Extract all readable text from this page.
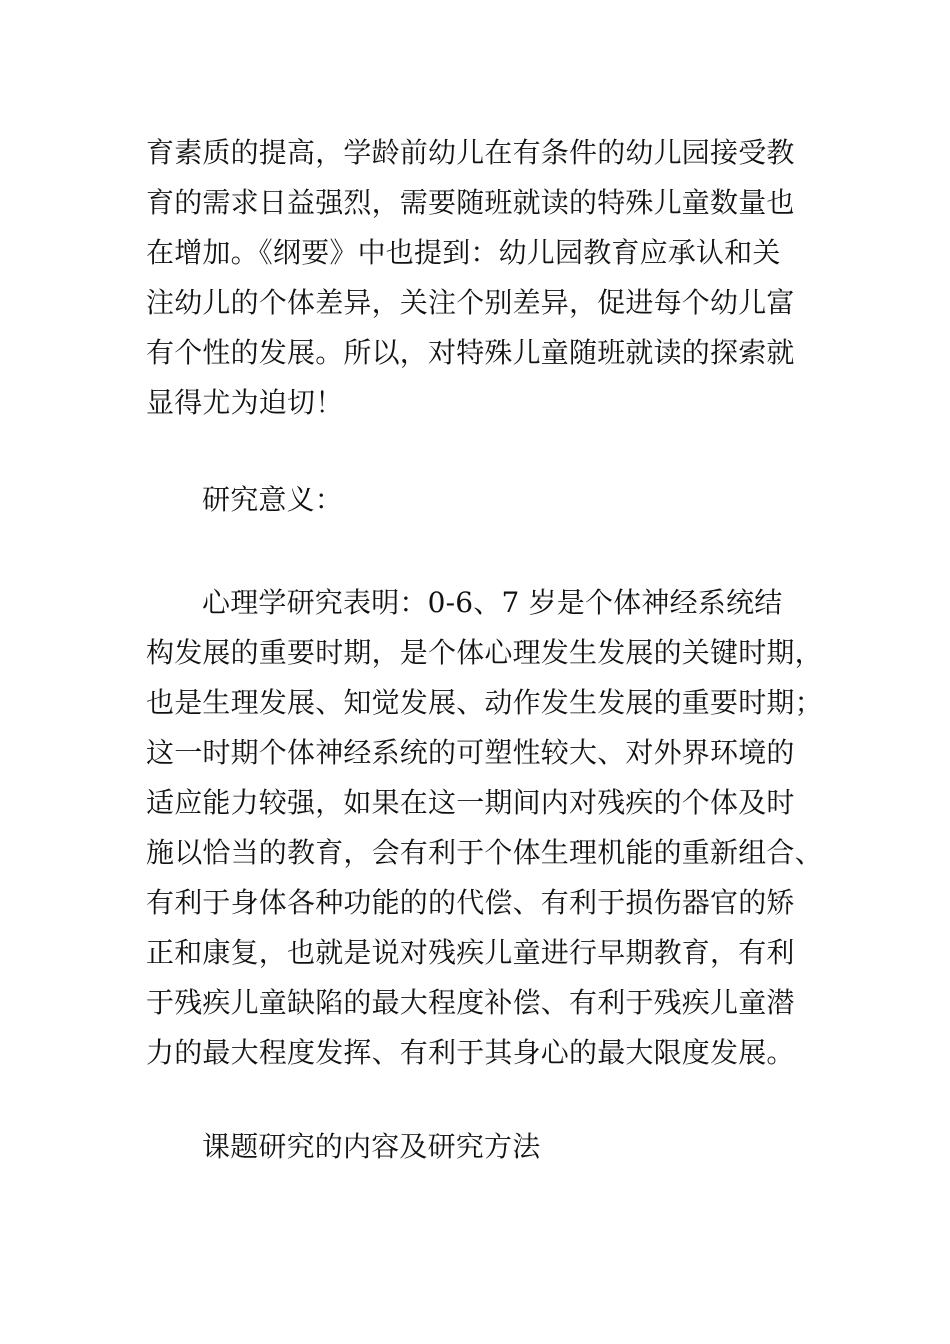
育素质的提高，学龄前幼儿在有条件的幼儿园接受教
育的需求日益强烈，需要随班就读的特殊儿童数量也
在增加。《纲要》中也提到：幼儿园教育应承认和关
注幼儿的个体差异，关注个别差异，促进每个幼儿富
有个性的发展。所以，对特殊儿童随班就读的探索就
显得尤为迫切！
研究意义：
心理学研究表明：0-6、7 岁是个体神经系统结
构发展的重要时期，是个体心理发生发展的关键时期，
也是生理发展、知觉发展、动作发生发展的重要时期；
这一时期个体神经系统的可塑性较大、对外界环境的
适应能力较强，如果在这一期间内对残疾的个体及时
施以恰当的教育，会有利于个体生理机能的重新组合、
有利于身体各种功能的的代偿、有利于损伤器官的矫
正和康复，也就是说对残疾儿童进行早期教育，有利
于残疾儿童缺陷的最大程度补偿、有利于残疾儿童潜
力的最大程度发挥、有利于其身心的最大限度发展。
课题研究的内容及研究方法
